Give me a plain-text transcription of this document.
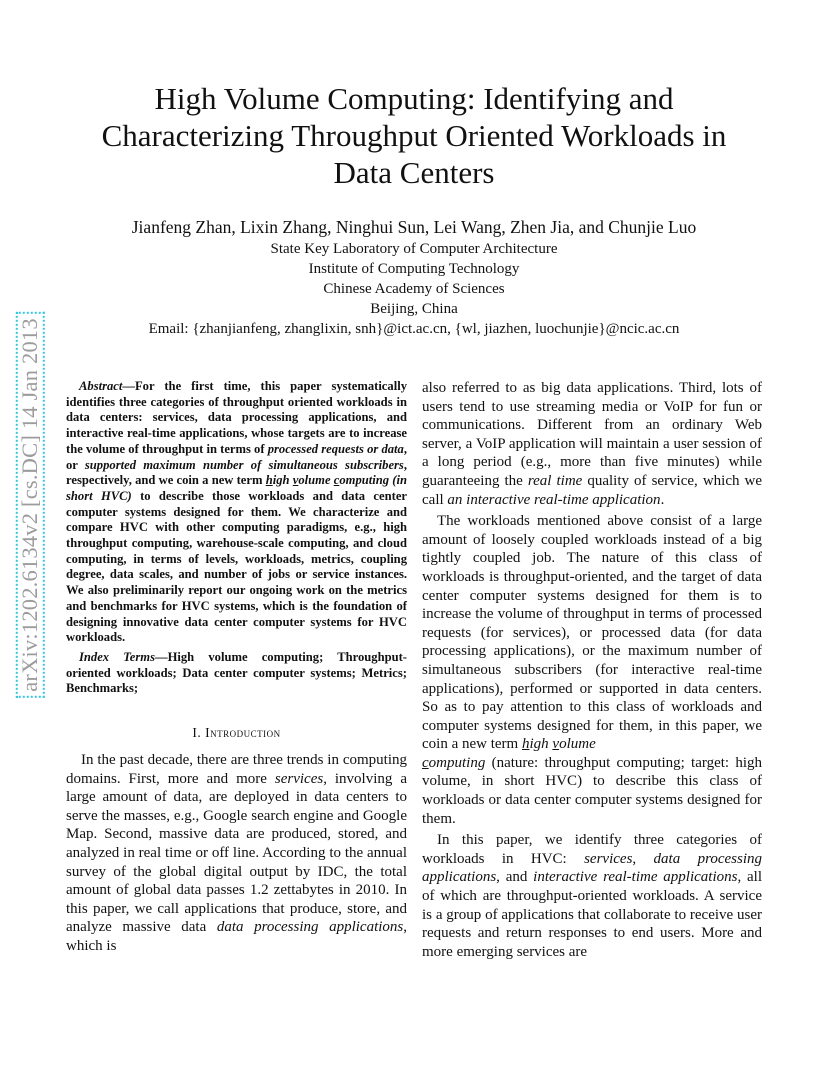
arXiv:1202.6134v2 [cs.DC] 14 Jan 2013
High Volume Computing: Identifying and Characterizing Throughput Oriented Workloads in Data Centers
Jianfeng Zhan, Lixin Zhang, Ninghui Sun, Lei Wang, Zhen Jia, and Chunjie Luo
State Key Laboratory of Computer Architecture
Institute of Computing Technology
Chinese Academy of Sciences
Beijing, China
Email: {zhanjianfeng, zhanglixin, snh}@ict.ac.cn, {wl, jiazhen, luochunjie}@ncic.ac.cn

Abstract—For the first time, this paper systematically identifies three categories of throughput oriented workloads in data centers: services, data processing applications, and interactive real-time applications, whose targets are to increase the volume of throughput in terms of processed requests or data, or supported maximum number of simultaneous subscribers, respectively, and we coin a new term high volume computing (in short HVC) to describe those workloads and data center computer systems designed for them. We characterize and compare HVC with other computing paradigms, e.g., high throughput computing, warehouse-scale computing, and cloud computing, in terms of levels, workloads, metrics, coupling degree, data scales, and number of jobs or service instances. We also preliminarily report our ongoing work on the metrics and benchmarks for HVC systems, which is the foundation of designing innovative data center computer systems for HVC workloads.

Index Terms—High volume computing; Throughput-oriented workloads; Data center computer systems; Metrics; Benchmarks;

I. Introduction

In the past decade, there are three trends in computing domains. First, more and more services, involving a large amount of data, are deployed in data centers to serve the masses, e.g., Google search engine and Google Map. Second, massive data are produced, stored, and analyzed in real time or off line. According to the annual survey of the global digital output by IDC, the total amount of global data passes 1.2 zettabytes in 2010. In this paper, we call applications that produce, store, and analyze massive data data processing applications, which is

also referred to as big data applications. Third, lots of users tend to use streaming media or VoIP for fun or communications. Different from an ordinary Web server, a VoIP application will maintain a user session of a long period (e.g., more than five minutes) while guaranteeing the real time quality of service, which we call an interactive real-time application.

The workloads mentioned above consist of a large amount of loosely coupled workloads instead of a big tightly coupled job. The nature of this class of workloads is throughput-oriented, and the target of data center computer systems designed for them is to increase the volume of throughput in terms of processed requests (for services), or processed data (for data processing applications), or the maximum number of simultaneous subscribers (for interactive real-time applications), performed or supported in data centers. So as to pay attention to this class of workloads and computer systems designed for them, in this paper, we coin a new term high volume
computing (nature: throughput computing; target: high volume, in short HVC) to describe this class of workloads or data center computer systems designed for them.

In this paper, we identify three categories of workloads in HVC: services, data processing applications, and interactive real-time applications, all of which are throughput-oriented workloads. A service is a group of applications that collaborate to receive user requests and return responses to end users. More and more emerging services are
